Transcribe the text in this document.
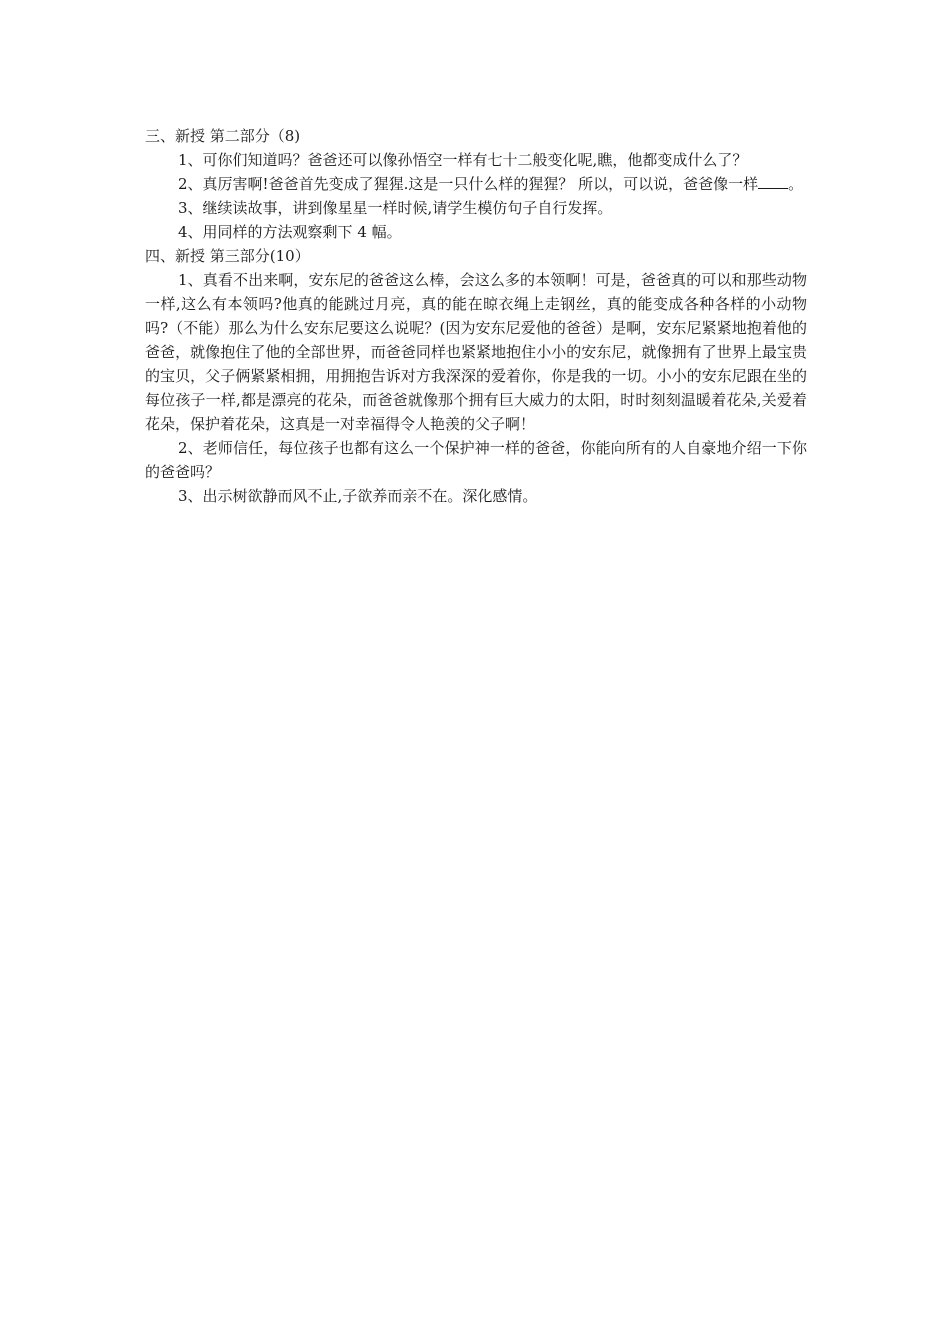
三、新授 第二部分（8)

1、可你们知道吗？爸爸还可以像孙悟空一样有七十二般变化呢,瞧，他都变成什么了？

2、真厉害啊!爸爸首先变成了猩猩.这是一只什么样的猩猩？ 所以，可以说，爸爸像一样 。

3、继续读故事，讲到像星星一样时候,请学生模仿句子自行发挥。

4、用同样的方法观察剩下 4 幅。

四、新授 第三部分(10）

1、真看不出来啊，安东尼的爸爸这么棒，会这么多的本领啊！可是，爸爸真的可以和那些动物一样,这么有本领吗?他真的能跳过月亮，真的能在晾衣绳上走钢丝，真的能变成各种各样的小动物吗?（不能）那么为什么安东尼要这么说呢？(因为安东尼爱他的爸爸）是啊，安东尼紧紧地抱着他的爸爸，就像抱住了他的全部世界，而爸爸同样也紧紧地抱住小小的安东尼，就像拥有了世界上最宝贵的宝贝，父子俩紧紧相拥，用拥抱告诉对方我深深的爱着你，你是我的一切。小小的安东尼跟在坐的每位孩子一样,都是漂亮的花朵，而爸爸就像那个拥有巨大威力的太阳，时时刻刻温暖着花朵,关爱着花朵，保护着花朵，这真是一对幸福得令人艳羡的父子啊！

2、老师信任，每位孩子也都有这么一个保护神一样的爸爸，你能向所有的人自豪地介绍一下你的爸爸吗？

3、出示树欲静而风不止,子欲养而亲不在。深化感情。
